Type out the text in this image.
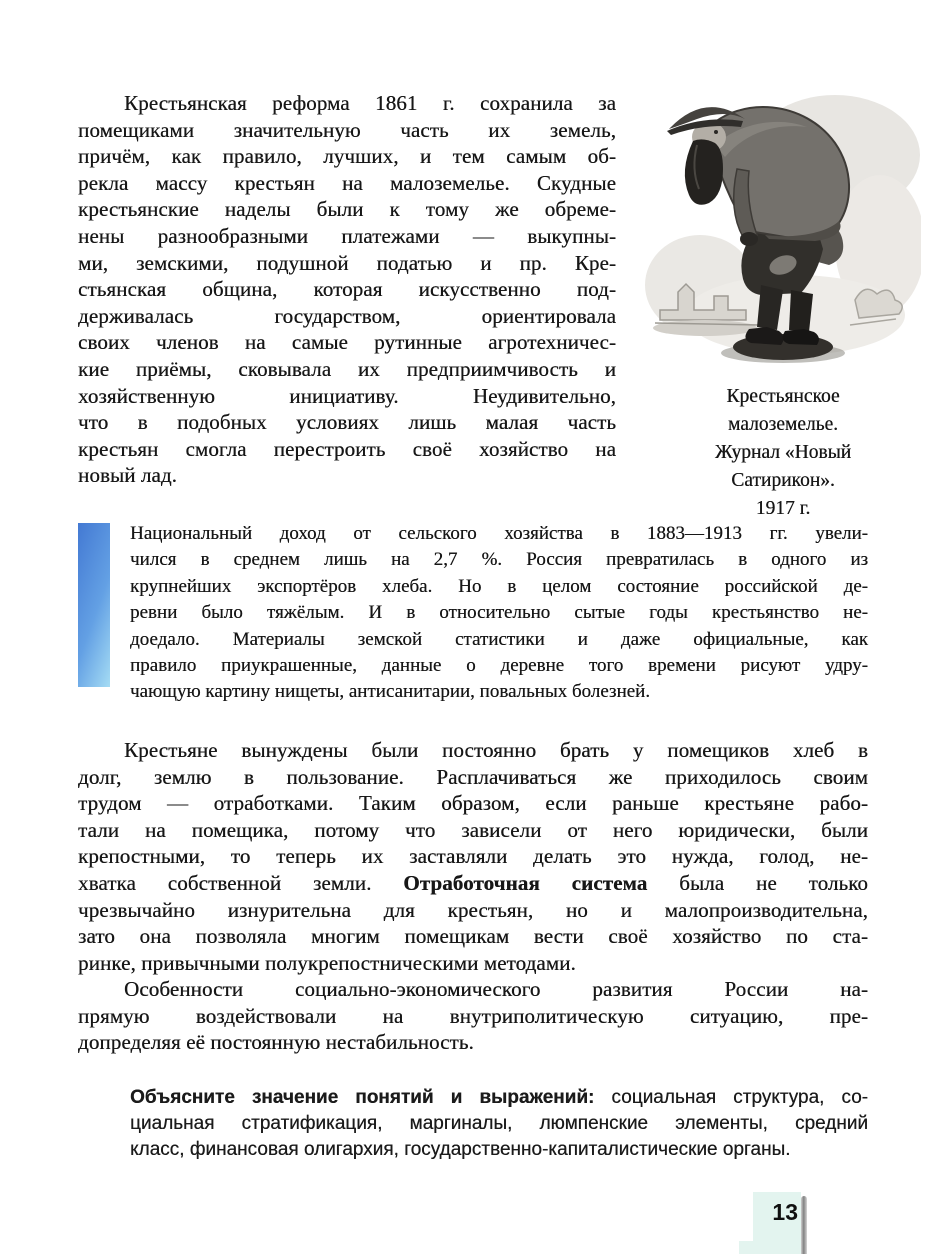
Крестьянская реформа 1861 г. сохранила за
помещиками значительную часть их земель,
причём, как правило, лучших, и тем самым об-
рекла массу крестьян на малоземелье. Скудные
крестьянские наделы были к тому же обреме-
нены разнообразными платежами — выкупны-
ми, земскими, подушной податью и пр. Кре-
стьянская община, которая искусственно под-
держивалась государством, ориентировала
своих членов на самые рутинные агротехничес-
кие приёмы, сковывала их предприимчивость и
хозяйственную инициативу. Неудивительно,
что в подобных условиях лишь малая часть
крестьян смогла перестроить своё хозяйство на
новый лад.
Крестьянское
малоземелье.
Журнал «Новый
Сатирикон».
1917 г.
Национальный доход от сельского хозяйства в 1883—1913 гг. увели-
чился в среднем лишь на 2,7 %. Россия превратилась в одного из
крупнейших экспортёров хлеба. Но в целом состояние российской де-
ревни было тяжёлым. И в относительно сытые годы крестьянство не-
доедало. Материалы земской статистики и даже официальные, как
правило приукрашенные, данные о деревне того времени рисуют удру-
чающую картину нищеты, антисанитарии, повальных болезней.
Крестьяне вынуждены были постоянно брать у помещиков хлеб в
долг, землю в пользование. Расплачиваться же приходилось своим
трудом — отработками. Таким образом, если раньше крестьяне рабо-
тали на помещика, потому что зависели от него юридически, были
крепостными, то теперь их заставляли делать это нужда, голод, не-
хватка собственной земли. Отработочная система была не только
чрезвычайно изнурительна для крестьян, но и малопроизводительна,
зато она позволяла многим помещикам вести своё хозяйство по ста-
ринке, привычными полукрепостническими методами.
Особенности социально-экономического развития России на-
прямую воздействовали на внутриполитическую ситуацию, пре-
допределяя её постоянную нестабильность.
Объясните значение понятий и выражений: социальная структура, со-
циальная стратификация, маргиналы, люмпенские элементы, средний
класс, финансовая олигархия, государственно-капиталистические органы.
13
